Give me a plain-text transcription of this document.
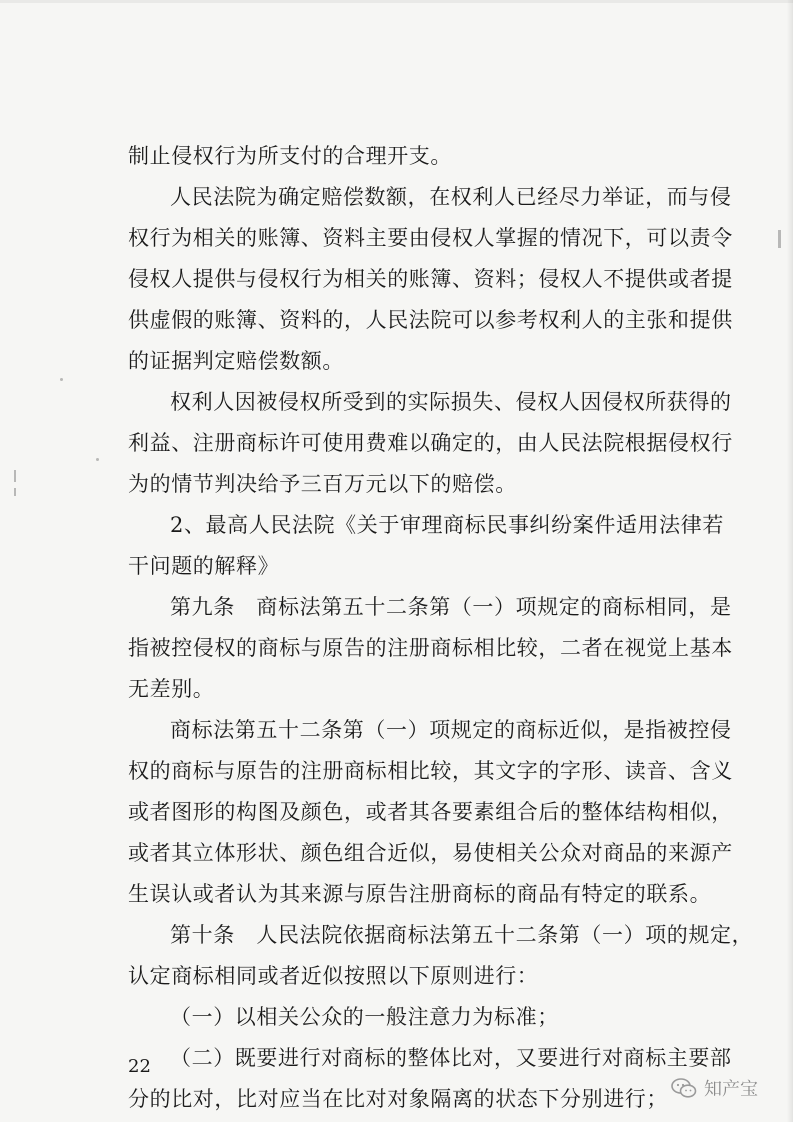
制止侵权行为所支付的合理开支。
人民法院为确定赔偿数额，在权利人已经尽力举证，而与侵
权行为相关的账簿、资料主要由侵权人掌握的情况下，可以责令
侵权人提供与侵权行为相关的账簿、资料；侵权人不提供或者提
供虚假的账簿、资料的，人民法院可以参考权利人的主张和提供
的证据判定赔偿数额。
权利人因被侵权所受到的实际损失、侵权人因侵权所获得的
利益、注册商标许可使用费难以确定的，由人民法院根据侵权行
为的情节判决给予三百万元以下的赔偿。
2、最高人民法院《关于审理商标民事纠纷案件适用法律若
干问题的解释》
第九条　商标法第五十二条第（一）项规定的商标相同，是
指被控侵权的商标与原告的注册商标相比较，二者在视觉上基本
无差别。
商标法第五十二条第（一）项规定的商标近似，是指被控侵
权的商标与原告的注册商标相比较，其文字的字形、读音、含义
或者图形的构图及颜色，或者其各要素组合后的整体结构相似，
或者其立体形状、颜色组合近似，易使相关公众对商品的来源产
生误认或者认为其来源与原告注册商标的商品有特定的联系。
第十条　人民法院依据商标法第五十二条第（一）项的规定，
认定商标相同或者近似按照以下原则进行：
（一）以相关公众的一般注意力为标准；
（二）既要进行对商标的整体比对，又要进行对商标主要部
分的比对，比对应当在比对对象隔离的状态下分别进行；
22
知产宝
